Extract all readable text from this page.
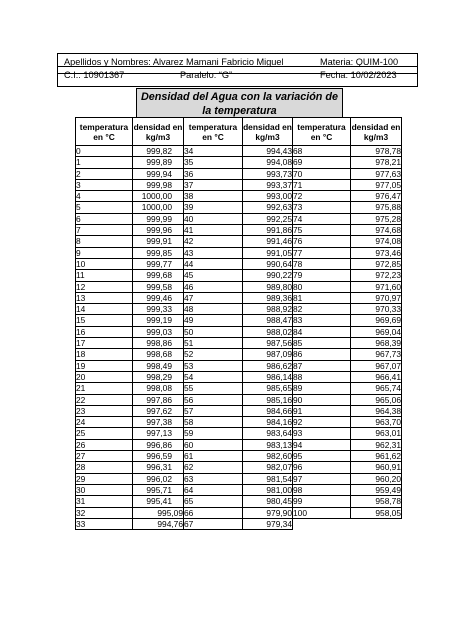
Apellidos y Nombres: Alvarez Mamani Fabricio Miguel	Materia: QUIM-100
C.I.: 10901367	Paralelo: “G”	Fecha: 10/02/2023
Densidad del Agua con la variación de la temperatura
temperatura en °C	densidad en kg/m3	temperatura en °C	densidad en kg/m3	temperatura en °C	densidad en kg/m3
0	999,82	34	994,43	68	978,78
1	999,89	35	994,08	69	978,21
2	999,94	36	993,73	70	977,63
3	999,98	37	993,37	71	977,05
4	1000,00	38	993,00	72	976,47
5	1000,00	39	992,63	73	975,88
6	999,99	40	992,25	74	975,28
7	999,96	41	991,86	75	974,68
8	999,91	42	991,46	76	974,08
9	999,85	43	991,05	77	973,46
10	999,77	44	990,64	78	972,85
11	999,68	45	990,22	79	972,23
12	999,58	46	989,80	80	971,60
13	999,46	47	989,36	81	970,97
14	999,33	48	988,92	82	970,33
15	999,19	49	988,47	83	969,69
16	999,03	50	988,02	84	969,04
17	998,86	51	987,56	85	968,39
18	998,68	52	987,09	86	967,73
19	998,49	53	986,62	87	967,07
20	998,29	54	986,14	88	966,41
21	998,08	55	985,65	89	965,74
22	997,86	56	985,16	90	965,06
23	997,62	57	984,66	91	964,38
24	997,38	58	984,16	92	963,70
25	997,13	59	983,64	93	963,01
26	996,86	60	983,13	94	962,31
27	996,59	61	982,60	95	961,62
28	996,31	62	982,07	96	960,91
29	996,02	63	981,54	97	960,20
30	995,71	64	981,00	98	959,49
31	995,41	65	980,45	99	958,78
32	995,09	66	979,90	100	958,05
33	994,76	67	979,34		
